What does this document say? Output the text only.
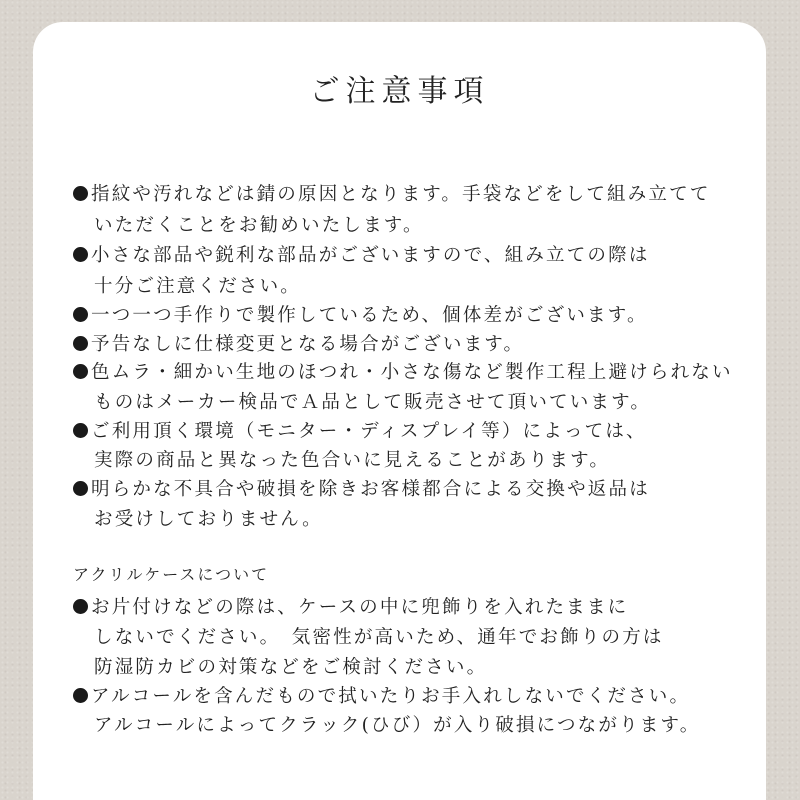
ご注意事項
指紋や汚れなどは錆の原因となります。手袋などをして組み立てて
いただくことをお勧めいたします。
小さな部品や鋭利な部品がございますので、組み立ての際は
十分ご注意ください。
一つ一つ手作りで製作しているため、個体差がございます。
予告なしに仕様変更となる場合がございます。
色ムラ・細かい生地のほつれ・小さな傷など製作工程上避けられない
ものはメーカー検品でＡ品として販売させて頂いています。
ご利用頂く環境（モニター・ディスプレイ等）によっては、
実際の商品と異なった色合いに見えることがあります。
明らかな不具合や破損を除きお客様都合による交換や返品は
お受けしておりません。
アクリルケースについて
お片付けなどの際は、ケースの中に兜飾りを入れたままに
しないでください。　気密性が高いため、通年でお飾りの方は
防湿防カビの対策などをご検討ください。
アルコールを含んだもので拭いたりお手入れしないでください。
アルコールによってクラック(ひび）が入り破損につながります。
